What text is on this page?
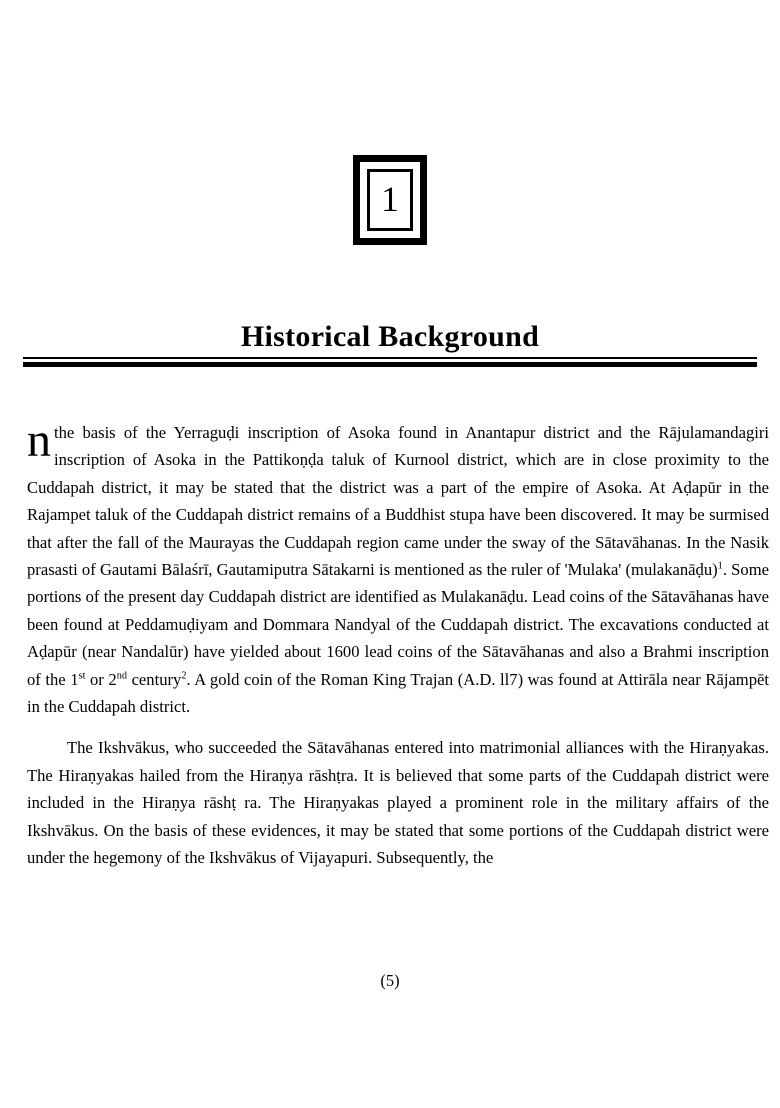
1
Historical Background

nthe basis of the Yerraguḍi inscription of Asoka found in Anantapur district and the Rājulamandagiri inscription of Asoka in the Pattikoṇḍa taluk of Kurnool district, which are in close proximity to the Cuddapah district, it may be stated that the district was a part of the empire of Asoka. At Aḍapūr in the Rajampet taluk of the Cuddapah district remains of a Buddhist stupa have been discovered. It may be surmised that after the fall of the Maurayas the Cuddapah region came under the sway of the Sātavāhanas. In the Nasik prasasti of Gautami Bālaśrī, Gautamiputra Sātakarni is mentioned as the ruler of 'Mulaka' (mulakanāḍu)$^1$. Some portions of the present day Cuddapah district are identified as Mulakanāḍu. Lead coins of the Sātavāhanas have been found at Peddamuḍiyam and Dommara Nandyal of the Cuddapah district. The excavations conducted at Aḍapūr (near Nandalūr) have yielded about 1600 lead coins of the Sātavāhanas and also a Brahmi inscription of the 1st or 2nd century$^2$. A gold coin of the Roman King Trajan (A.D. ll7) was found at Attirāla near Rājampēt in the Cuddapah district.

The Ikshvākus, who succeeded the Sātavāhanas entered into matrimonial alliances with the Hiraṇyakas. The Hiraṇyakas hailed from the Hiraṇya rāshṭra. It is believed that some parts of the Cuddapah district were included in the Hiraṇya rāshṭ ra. The Hiraṇyakas played a prominent role in the military affairs of the Ikshvākus. On the basis of these evidences, it may be stated that some portions of the Cuddapah district were under the hegemony of the Ikshvākus of Vijayapuri. Subsequently, the

(5)
